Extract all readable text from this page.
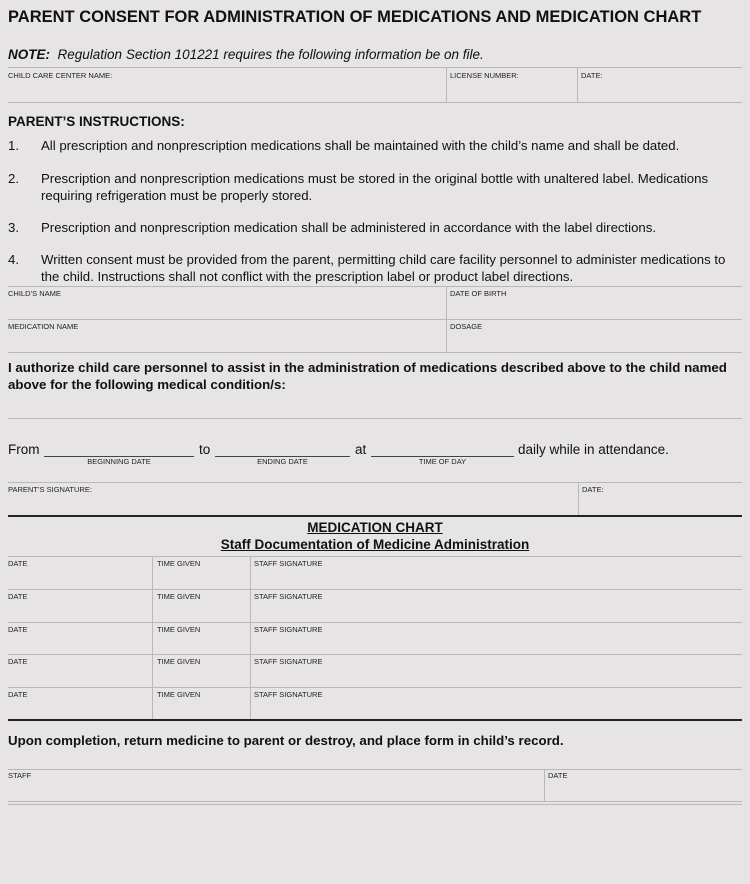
PARENT CONSENT FOR ADMINISTRATION OF MEDICATIONS AND MEDICATION CHART
NOTE: Regulation Section 101221 requires the following information be on file.
CHILD CARE CENTER NAME:	LICENSE NUMBER:	DATE:
PARENT’S INSTRUCTIONS:
1. All prescription and nonprescription medications shall be maintained with the child’s name and shall be dated.
2. Prescription and nonprescription medications must be stored in the original bottle with unaltered label. Medications requiring refrigeration must be properly stored.
3. Prescription and nonprescription medication shall be administered in accordance with the label directions.
4. Written consent must be provided from the parent, permitting child care facility personnel to administer medications to the child. Instructions shall not conflict with the prescription label or product label directions.
CHILD’S NAME	DATE OF BIRTH
MEDICATION NAME	DOSAGE
I authorize child care personnel to assist in the administration of medications described above to the child named above for the following medical condition/s:
From	to	at	daily while in attendance.
BEGINNING DATE	ENDING DATE	TIME OF DAY
PARENT’S SIGNATURE:	DATE:
MEDICATION CHART
Staff Documentation of Medicine Administration
DATE	TIME GIVEN	STAFF SIGNATURE
DATE	TIME GIVEN	STAFF SIGNATURE
DATE	TIME GIVEN	STAFF SIGNATURE
DATE	TIME GIVEN	STAFF SIGNATURE
DATE	TIME GIVEN	STAFF SIGNATURE
Upon completion, return medicine to parent or destroy, and place form in child’s record.
STAFF	DATE
